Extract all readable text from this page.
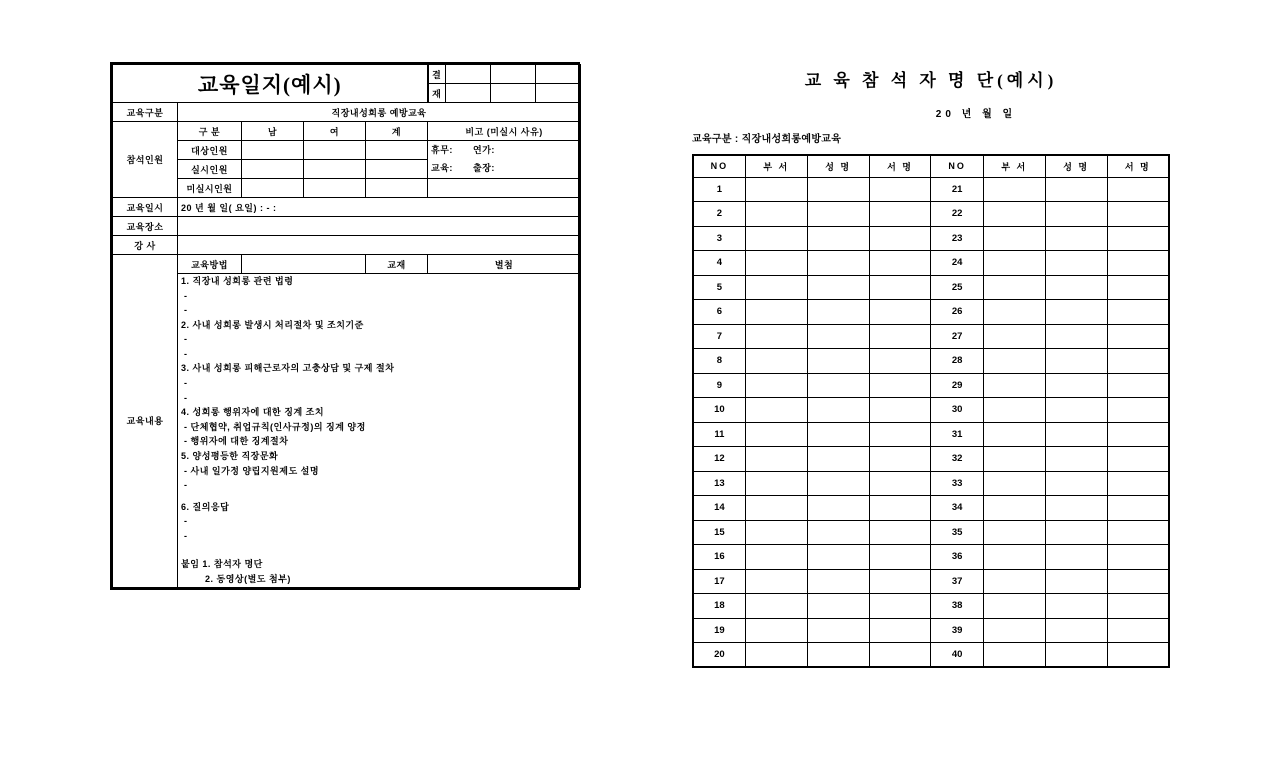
교육일지(예시)					결			
					재			
교육구분	직장내성희롱 예방교육							
참석인원	구 분	남	여	계	비고 (미실시 사유)			
	대상인원				휴무: 연가:
교육: 출장:			

	실시인원							
	미실시인원							
교육일시	20 년 월 일( 요일) : - :							
교육장소								
강 사								
교육내용	교육방법			교재	별첨			

1. 직장내 성희롱 관련 법령
-
-
2. 사내 성희롱 발생시 처리절차 및 조치기준
-
-
3. 사내 성희롱 피해근로자의 고충상담 및 구제 절차
-
-
4. 성희롱 행위자에 대한 징계 조치
- 단체협약, 취업규칙(인사규정)의 징계 양정
- 행위자에 대한 징계절차
5. 양성평등한 직장문화
- 사내 일가정 양립지원제도 설명
-
6. 질의응답
-
-
붙임 1. 참석자 명단
2. 동영상(별도 첨부)
교 육 참 석 자 명 단(예시)
20 년 월 일
교육구분 : 직장내성희롱예방교육
NO	부 서	성 명	서 명	NO	부 서	성 명	서 명
1				21			
2				22			
3				23			
4				24			
5				25			
6				26			
7				27			
8				28			
9				29			
10				30			
11				31			
12				32			
13				33			
14				34			
15				35			
16				36			
17				37			
18				38			
19				39			
20				40			
